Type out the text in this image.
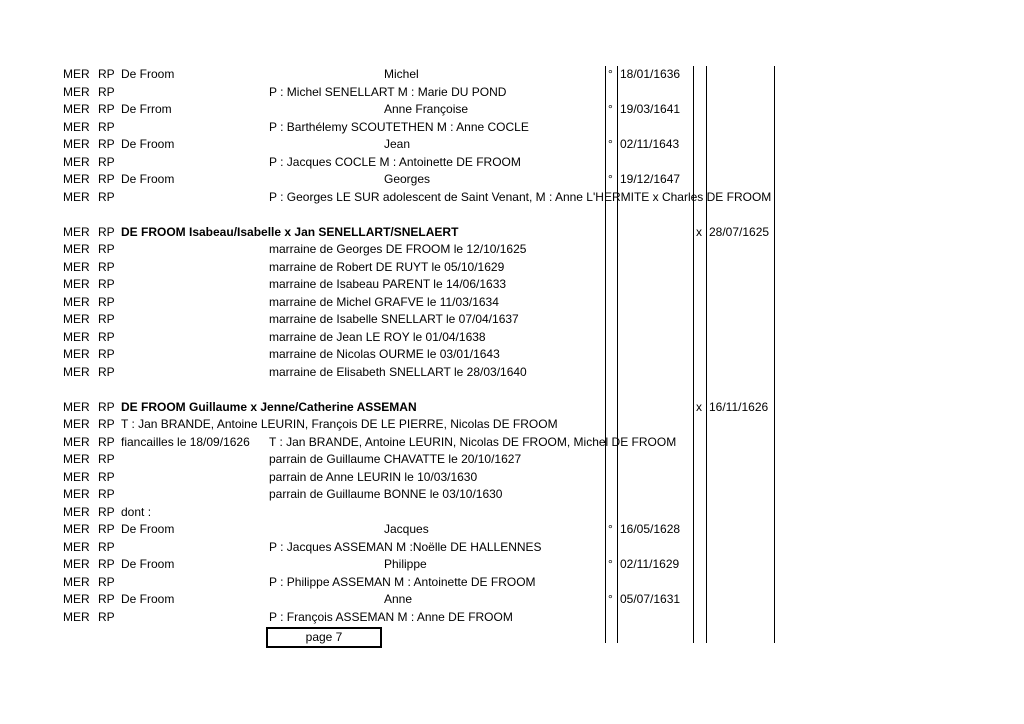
MER RP De Froom	Michel	° 18/01/1636
MER RP	P : Michel SENELLART M : Marie DU POND
MER RP De Frrom	Anne Françoise	° 19/03/1641
MER RP	P : Barthélemy SCOUTETHEN M : Anne COCLE
MER RP De Froom	Jean	° 02/11/1643
MER RP	P : Jacques COCLE M : Antoinette DE FROOM
MER RP De Froom	Georges	° 19/12/1647
MER RP	P : Georges LE SUR adolescent de Saint Venant, M : Anne L'HERMITE x Charles DE FROOM
MER RP DE FROOM Isabeau/Isabelle x Jan SENELLART/SNELAERT	x 28/07/1625
MER RP	marraine de Georges DE FROOM le 12/10/1625
MER RP	marraine de Robert DE RUYT le 05/10/1629
MER RP	marraine de Isabeau PARENT le 14/06/1633
MER RP	marraine de Michel GRAFVE le 11/03/1634
MER RP	marraine de Isabelle SNELLART le 07/04/1637
MER RP	marraine de Jean LE ROY le 01/04/1638
MER RP	marraine de Nicolas OURME le 03/01/1643
MER RP	marraine de Elisabeth SNELLART le 28/03/1640
MER RP DE FROOM Guillaume x Jenne/Catherine ASSEMAN	x 16/11/1626
MER RP T : Jan BRANDE, Antoine LEURIN, François DE LE PIERRE, Nicolas DE FROOM
MER RP fiancailles le 18/09/1626 T : Jan BRANDE, Antoine LEURIN, Nicolas DE FROOM, Michel DE FROOM
MER RP	parrain de Guillaume CHAVATTE le 20/10/1627
MER RP	parrain de Anne LEURIN le 10/03/1630
MER RP	parrain de Guillaume BONNE le 03/10/1630
MER RP dont :
MER RP De Froom	Jacques	° 16/05/1628
MER RP	P : Jacques ASSEMAN M :Noëlle DE HALLENNES
MER RP De Froom	Philippe	° 02/11/1629
MER RP	P : Philippe ASSEMAN M : Antoinette DE FROOM
MER RP De Froom	Anne	° 05/07/1631
MER RP	P : François ASSEMAN M : Anne DE FROOM
page 7
